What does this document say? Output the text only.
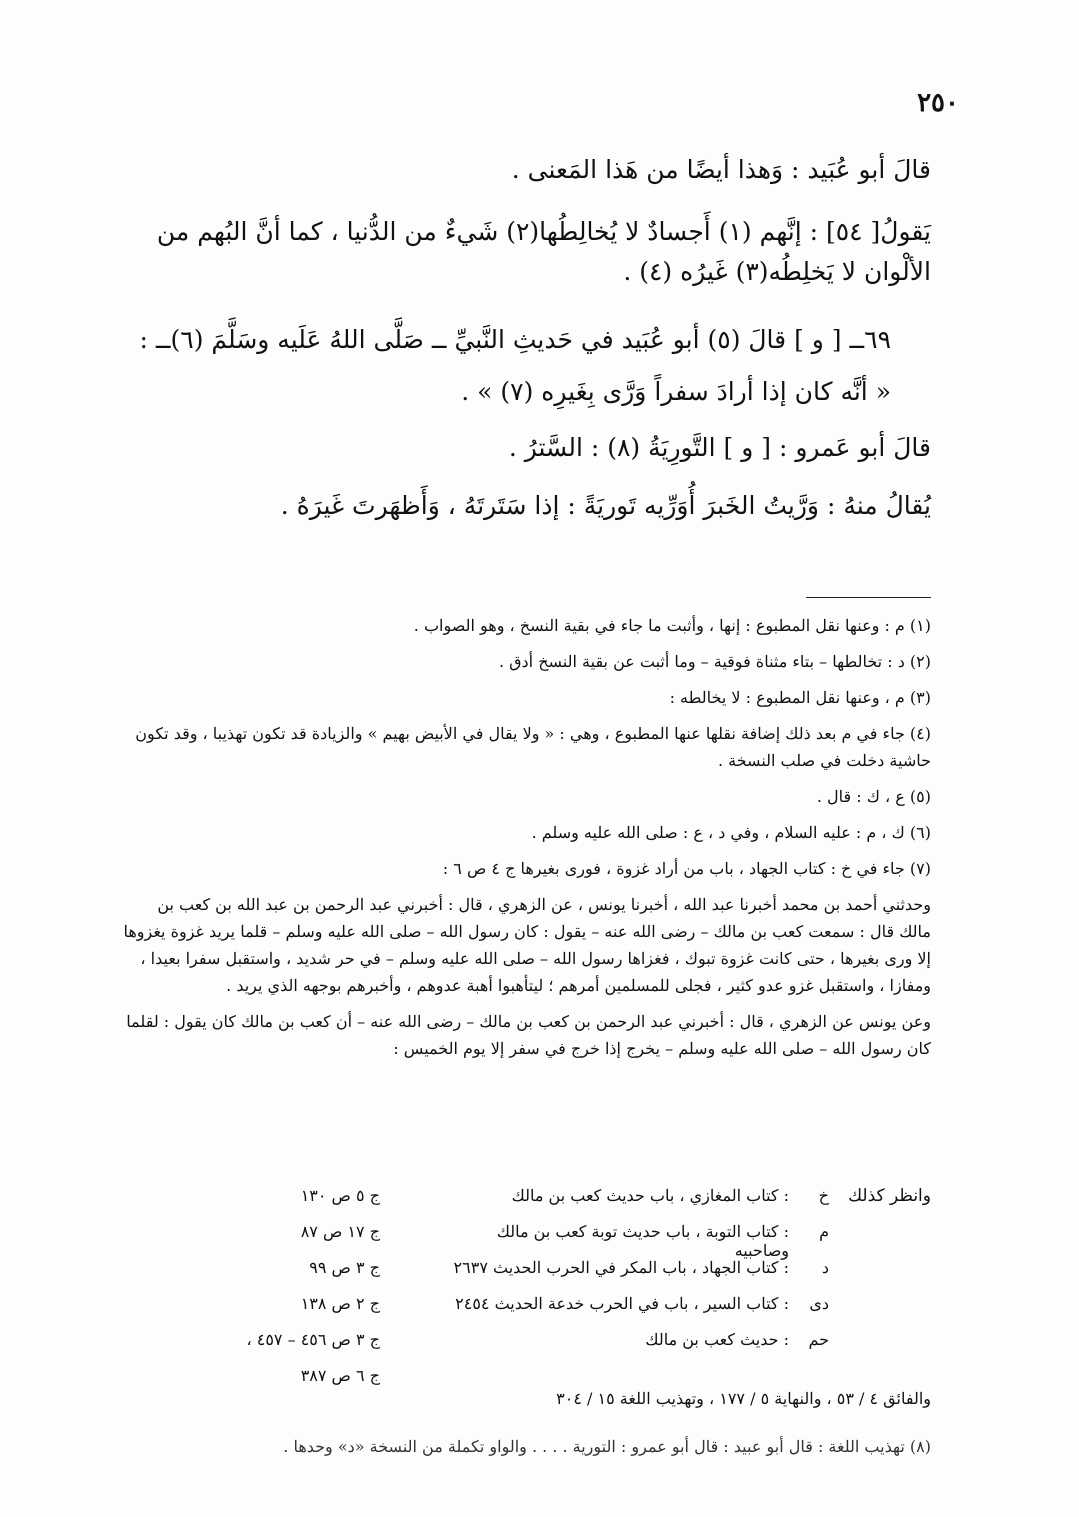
٢٥٠

قالَ أبو عُبَيد : وَهذا أيضًا من هَذا المَعنى .

يَقولُ[ ٥٤] : إنَّهم (١) أَجسادٌ لا يُخالِطُها(٢) شَيءٌ من الدُّنيا ، كما أنَّ البُهم من الألْوان لا يَخلِطُه(٣) غَيرُه (٤) .

٦٩ــ [ و ] قالَ (٥) أبو عُبَيد في حَديثِ النَّبيِّ ــ صَلَّى اللهُ عَلَيه وسَلَّمَ (٦)ــ :

« أنَّه كان إذا أرادَ سفراً وَرَّى بِغَيرِه (٧) » .

قالَ أبو عَمرو : [ و ] التَّورِيَةُ (٨) : السَّترُ .

يُقالُ منهُ : وَرَّيتُ الخَبرَ أُوَرِّيه تَوريَةً : إذا سَتَرتَهُ ، وَأَظهَرتَ غَيرَهُ .

(١) م : وعنها نقل المطبوع : إنها ، وأثبت ما جاء في بقية النسخ ، وهو الصواب .

(٢) د : تخالطها – بتاء مثناة فوقية – وما أثبت عن بقية النسخ أدق .

(٣) م ، وعنها نقل المطبوع : لا يخالطه :

(٤) جاء في م بعد ذلك إضافة نقلها عنها المطبوع ، وهي : « ولا يقال في الأبيض بهيم » والزيادة قد تكون تهذيبا ، وقد تكون حاشية دخلت في صلب النسخة .

(٥) ع ، ك : قال .

(٦) ك ، م : عليه السلام ، وفي د ، ع : صلى الله عليه وسلم .

(٧) جاء في خ : كتاب الجهاد ، باب من أراد غزوة ، فورى بغيرها ج ٤ ص ٦ :

وحدثني أحمد بن محمد أخبرنا عبد الله ، أخبرنا يونس ، عن الزهري ، قال : أخبرني عبد الرحمن بن عبد الله بن كعب بن مالك قال : سمعت كعب بن مالك – رضى الله عنه – يقول : كان رسول الله – صلى الله عليه وسلم – قلما يريد غزوة يغزوها إلا ورى بغيرها ، حتى كانت غزوة تبوك ، فغزاها رسول الله – صلى الله عليه وسلم – في حر شديد ، واستقبل سفرا بعيدا ، ومفازا ، واستقبل غزو عدو كثير ، فجلى للمسلمين أمرهم ؛ ليتأهبوا أهبة عدوهم ، وأخبرهم بوجهه الذي يريد .

وعن يونس عن الزهري ، قال : أخبرني عبد الرحمن بن كعب بن مالك – رضى الله عنه – أن كعب بن مالك كان يقول : لقلما كان رسول الله – صلى الله عليه وسلم – يخرج إذا خرج في سفر إلا يوم الخميس :

وانظر كذلك
خ
: كتاب المغازي ، باب حديث كعب بن مالك
ج ٥ ص ١٣٠
م
: كتاب التوبة ، باب حديث توبة كعب بن مالك وصاحبيه
ج ١٧ ص ٨٧
د
: كتاب الجهاد ، باب المكر في الحرب الحديث ٢٦٣٧
ج ٣ ص ٩٩
دى
: كتاب السير ، باب في الحرب خدعة الحديث ٢٤٥٤
ج ٢ ص ١٣٨
حم
: حديث كعب بن مالك
ج ٣ ص ٤٥٦ – ٤٥٧ ،
ج ٦ ص ٣٨٧
والفائق ٤ / ٥٣ ، والنهاية ٥ / ١٧٧ ، وتهذيب اللغة ١٥ / ٣٠٤
(٨) تهذيب اللغة : قال أبو عبيد : قال أبو عمرو : التورية . . . . والواو تكملة من النسخة «د» وحدها .
